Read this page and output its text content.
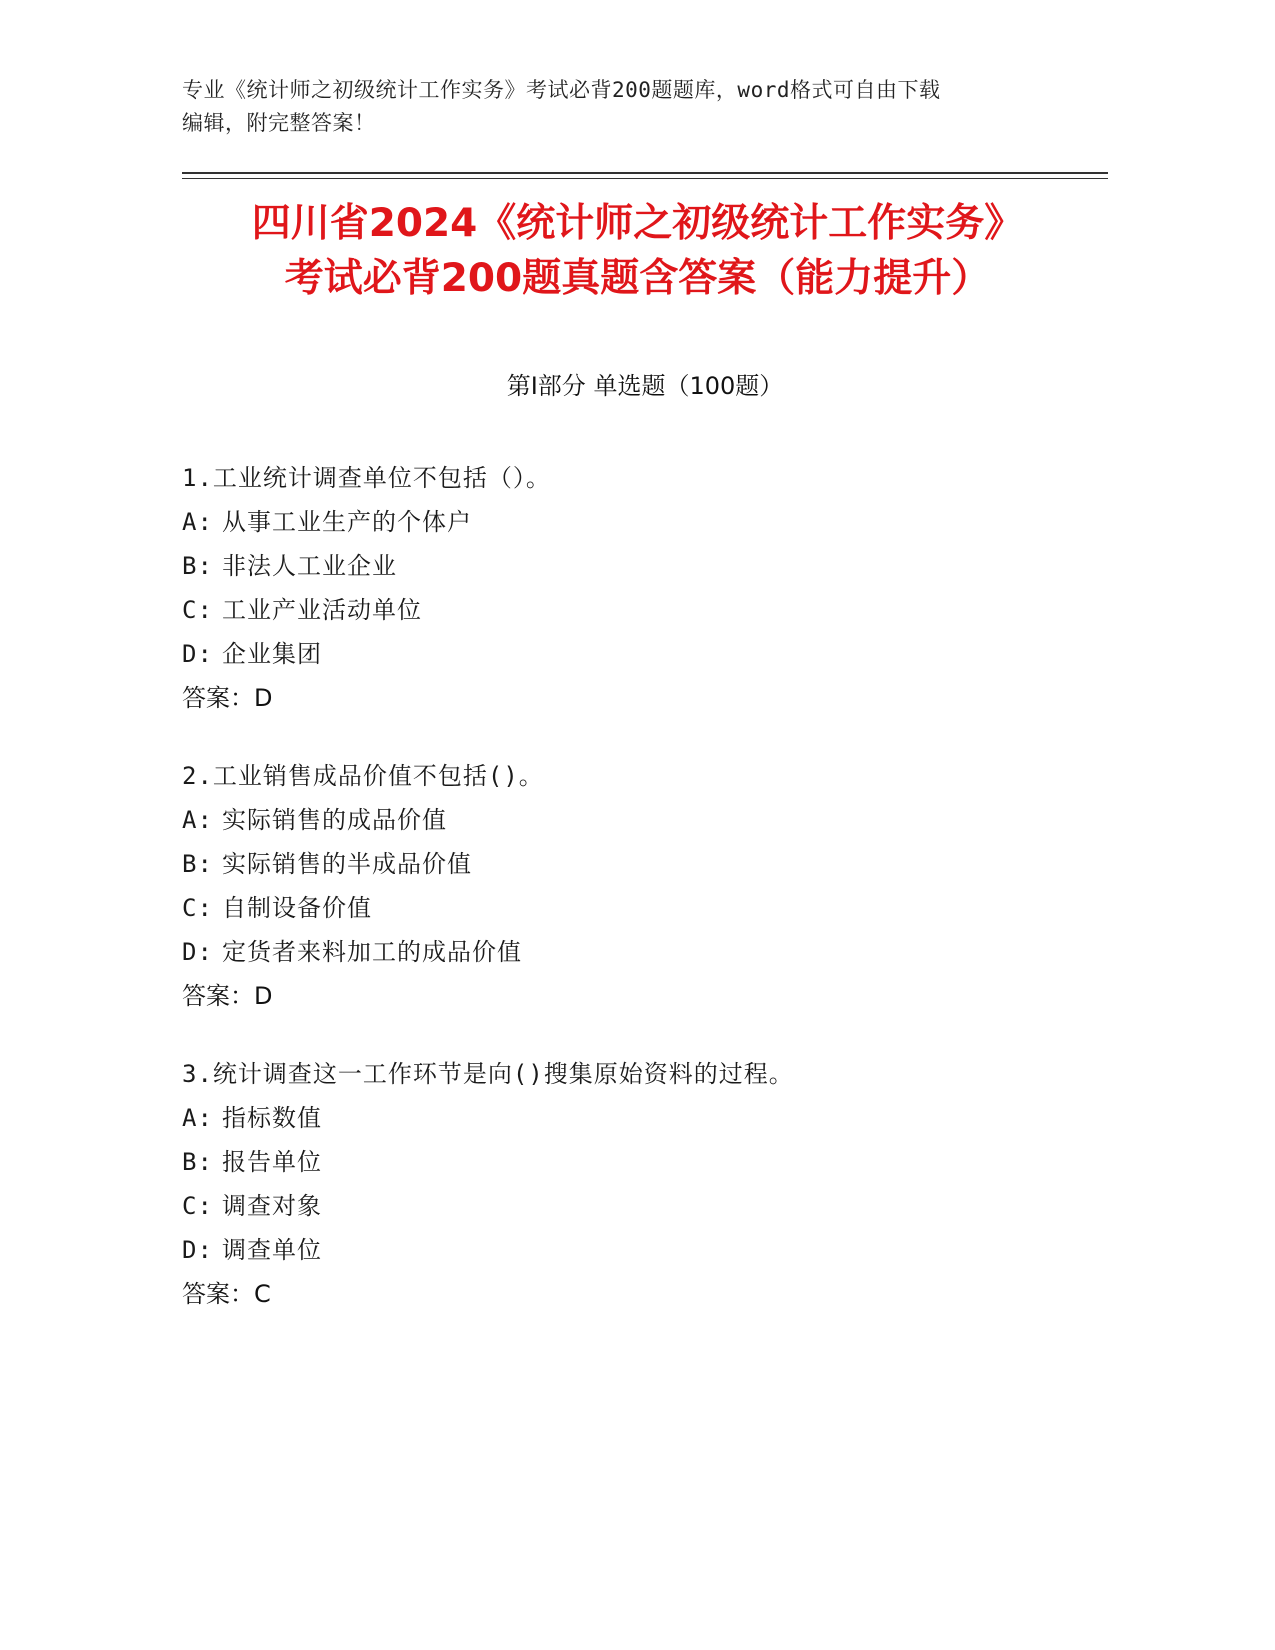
专业《统计师之初级统计工作实务》考试必背200题题库，word格式可自由下载
编辑，附完整答案！
四川省2024《统计师之初级统计工作实务》
考试必背200题真题含答案（能力提升）
第Ⅰ部分 单选题（100题）
1.工业统计调查单位不包括（）。
A: 从事工业生产的个体户
B: 非法人工业企业
C: 工业产业活动单位
D: 企业集团
答案：D
2.工业销售成品价值不包括()。
A: 实际销售的成品价值
B: 实际销售的半成品价值
C: 自制设备价值
D: 定货者来料加工的成品价值
答案：D
3.统计调查这一工作环节是向()搜集原始资料的过程。
A: 指标数值
B: 报告单位
C: 调查对象
D: 调查单位
答案：C
